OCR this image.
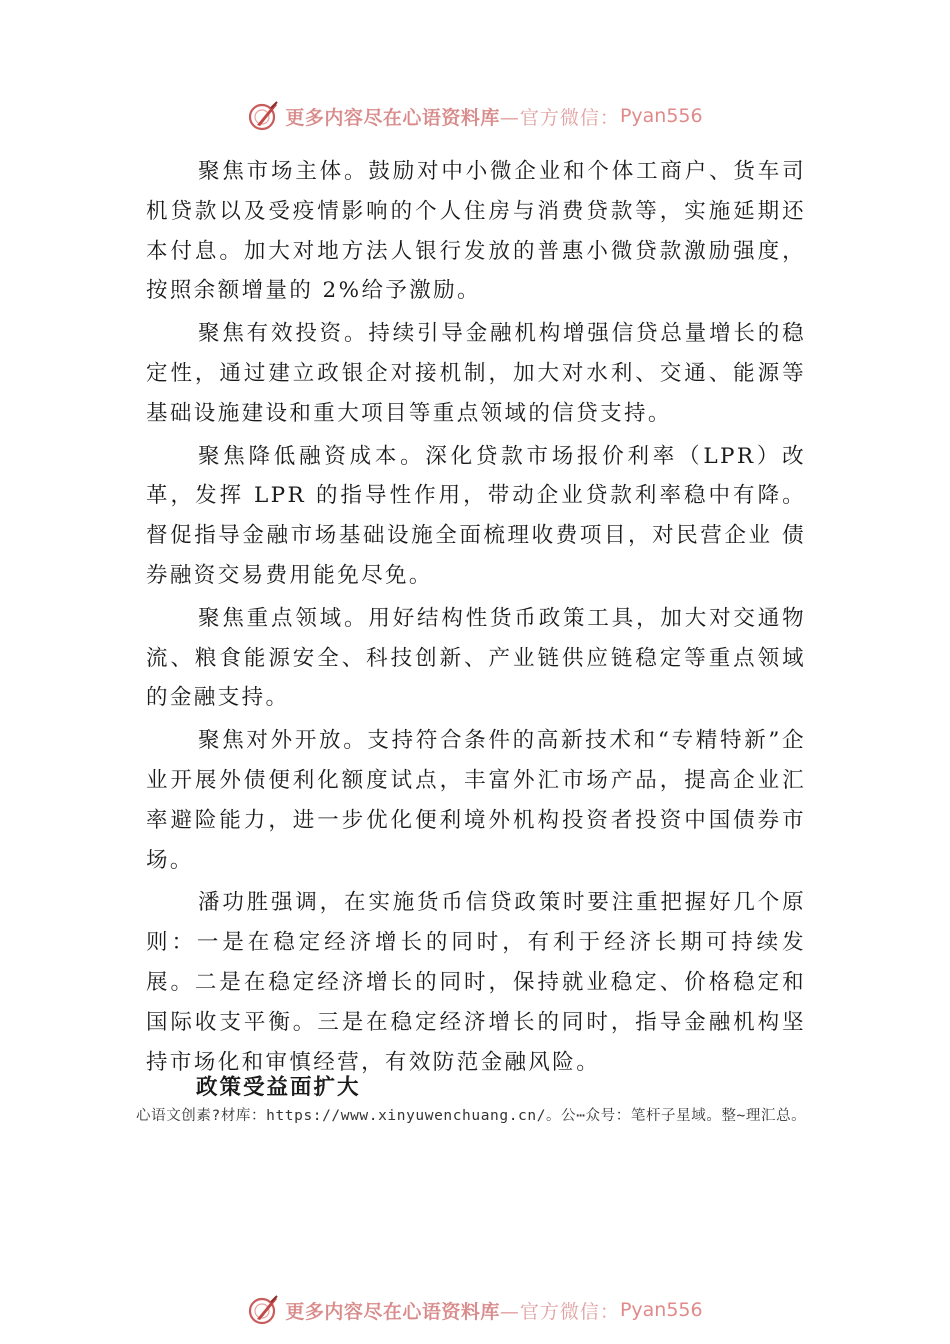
更多内容尽在心语资料库 —官方微信： Pyan556

聚焦市场主体。鼓励对中小微企业和个体工商户、货车司机贷款以及受疫情影响的个人住房与消费贷款等，实施延期还本付息。加大对地方法人银行发放的普惠小微贷款激励强度，按照余额增量的 2%给予激励。

聚焦有效投资。持续引导金融机构增强信贷总量增长的稳定性，通过建立政银企对接机制，加大对水利、交通、能源等基础设施建设和重大项目等重点领域的信贷支持。

聚焦降低融资成本。深化贷款市场报价利率（LPR）改革，发挥 LPR 的指导性作用，带动企业贷款利率稳中有降。督促指导金融市场基础设施全面梳理收费项目，对民营企业 债券融资交易费用能免尽免。

聚焦重点领域。用好结构性货币政策工具，加大对交通物流、粮食能源安全、科技创新、产业链供应链稳定等重点领域的金融支持。

聚焦对外开放。支持符合条件的高新技术和“专精特新”企业开展外债便利化额度试点，丰富外汇市场产品，提高企业汇率避险能力，进一步优化便利境外机构投资者投资中国债券市场。

潘功胜强调，在实施货币信贷政策时要注重把握好几个原则：一是在稳定经济增长的同时，有利于经济长期可持续发展。二是在稳定经济增长的同时，保持就业稳定、价格稳定和国际收支平衡。三是在稳定经济增长的同时，指导金融机构坚持市场化和审慎经营，有效防范金融风险。

政策受益面扩大
心语文创素?材库：https://www.xinyuwenchuang.cn/。公⋯众号：笔杆子星域。整~理汇总。
更多内容尽在心语资料库 —官方微信： Pyan556
